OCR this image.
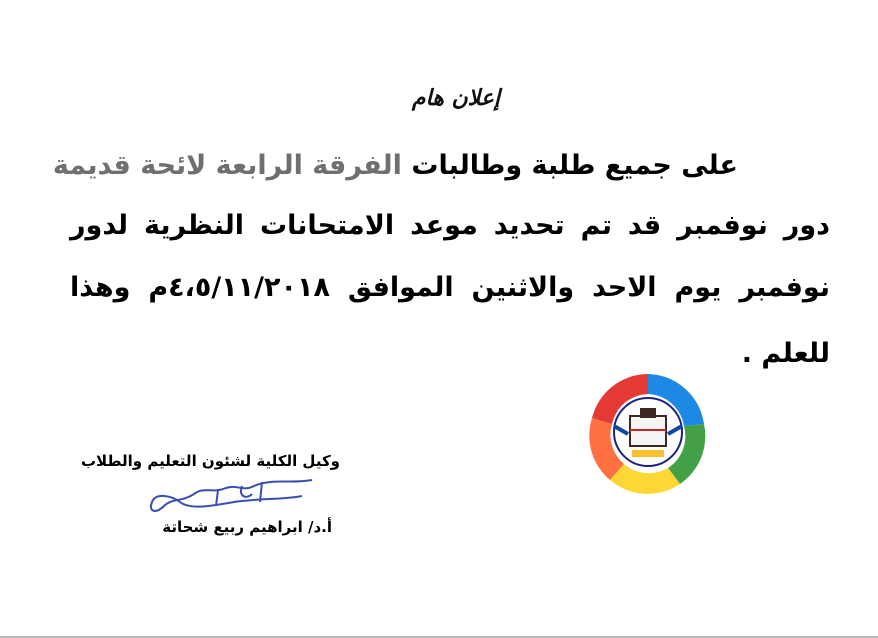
إعلان هام
على جميع طلبة وطالبات الفرقة الرابعة لائحة قديمة
دور نوفمبر قد تم تحديد موعد الامتحانات النظرية لدور
نوفمبر يوم الاحد والاثنين الموافق ٤،٥/١١/٢٠١٨م وهذا
للعلم .
وكيل الكلية لشئون التعليم والطلاب
أ.د/ ابراهيم ربيع شحاتة
